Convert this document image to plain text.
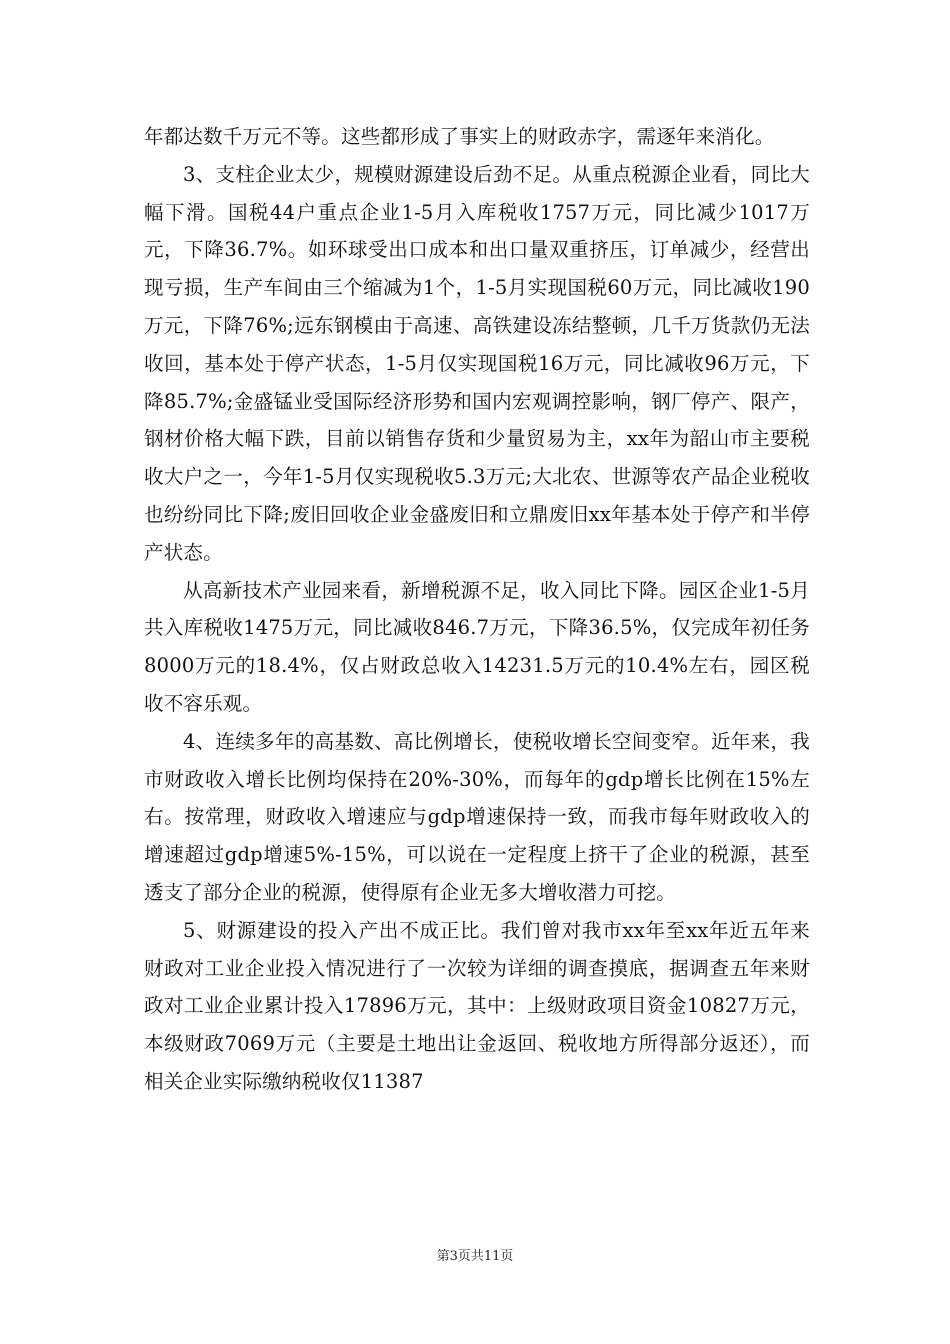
年都达数千万元不等。这些都形成了事实上的财政赤字，需逐年来消化。

3、支柱企业太少，规模财源建设后劲不足。从重点税源企业看，同比大幅下滑。国税44户重点企业1-5月入库税收1757万元，同比减少1017万元，下降36.7%。如环球受出口成本和出口量双重挤压，订单减少，经营出现亏损，生产车间由三个缩减为1个，1-5月实现国税60万元，同比减收190万元，下降76%;远东钢模由于高速、高铁建设冻结整顿，几千万货款仍无法收回，基本处于停产状态，1-5月仅实现国税16万元，同比减收96万元，下降85.7%;金盛锰业受国际经济形势和国内宏观调控影响，钢厂停产、限产，钢材价格大幅下跌，目前以销售存货和少量贸易为主，xx年为韶山市主要税收大户之一，今年1-5月仅实现税收5.3万元;大北农、世源等农产品企业税收也纷纷同比下降;废旧回收企业金盛废旧和立鼎废旧xx年基本处于停产和半停产状态。

从高新技术产业园来看，新增税源不足，收入同比下降。园区企业1-5月共入库税收1475万元，同比减收846.7万元，下降36.5%，仅完成年初任务8000万元的18.4%，仅占财政总收入14231.5万元的10.4%左右，园区税收不容乐观。

4、连续多年的高基数、高比例增长，使税收增长空间变窄。近年来，我市财政收入增长比例均保持在20%-30%，而每年的gdp增长比例在15%左右。按常理，财政收入增速应与gdp增速保持一致，而我市每年财政收入的增速超过gdp增速5%-15%，可以说在一定程度上挤干了企业的税源，甚至透支了部分企业的税源，使得原有企业无多大增收潜力可挖。

5、财源建设的投入产出不成正比。我们曾对我市xx年至xx年近五年来财政对工业企业投入情况进行了一次较为详细的调查摸底，据调查五年来财政对工业企业累计投入17896万元，其中：上级财政项目资金10827万元，本级财政7069万元（主要是土地出让金返回、税收地方所得部分返还），而相关企业实际缴纳税收仅11387

第3页共11页
